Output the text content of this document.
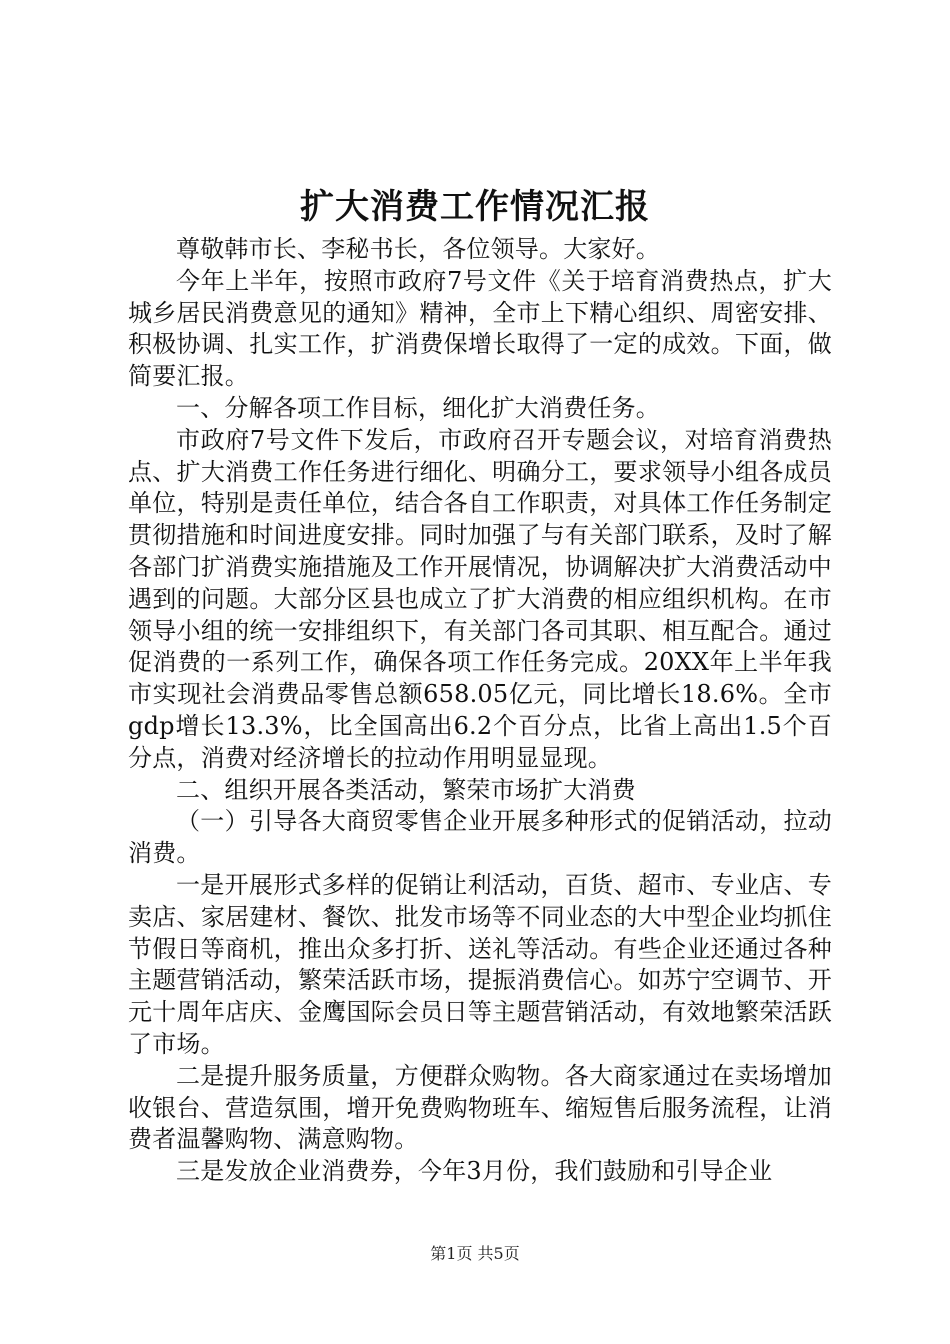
扩大消费工作情况汇报

尊敬韩市长、李秘书长，各位领导。大家好。

今年上半年，按照市政府7号文件《关于培育消费热点，扩大城乡居民消费意见的通知》精神，全市上下精心组织、周密安排、积极协调、扎实工作，扩消费保增长取得了一定的成效。下面，做简要汇报。

一、分解各项工作目标，细化扩大消费任务。

市政府7号文件下发后，市政府召开专题会议，对培育消费热点、扩大消费工作任务进行细化、明确分工，要求领导小组各成员单位，特别是责任单位，结合各自工作职责，对具体工作任务制定贯彻措施和时间进度安排。同时加强了与有关部门联系，及时了解各部门扩消费实施措施及工作开展情况，协调解决扩大消费活动中遇到的问题。大部分区县也成立了扩大消费的相应组织机构。在市领导小组的统一安排组织下，有关部门各司其职、相互配合。通过促消费的一系列工作，确保各项工作任务完成。20XX年上半年我市实现社会消费品零售总额658.05亿元，同比增长18.6%。全市gdp增长13.3%，比全国高出6.2个百分点，比省上高出1.5个百分点，消费对经济增长的拉动作用明显显现。

二、组织开展各类活动，繁荣市场扩大消费

（一）引导各大商贸零售企业开展多种形式的促销活动，拉动消费。

一是开展形式多样的促销让利活动，百货、超市、专业店、专卖店、家居建材、餐饮、批发市场等不同业态的大中型企业均抓住节假日等商机，推出众多打折、送礼等活动。有些企业还通过各种主题营销活动，繁荣活跃市场，提振消费信心。如苏宁空调节、开元十周年店庆、金鹰国际会员日等主题营销活动，有效地繁荣活跃了市场。

二是提升服务质量，方便群众购物。各大商家通过在卖场增加收银台、营造氛围，增开免费购物班车、缩短售后服务流程，让消费者温馨购物、满意购物。

三是发放企业消费券，今年3月份，我们鼓励和引导企业

第1页 共5页
